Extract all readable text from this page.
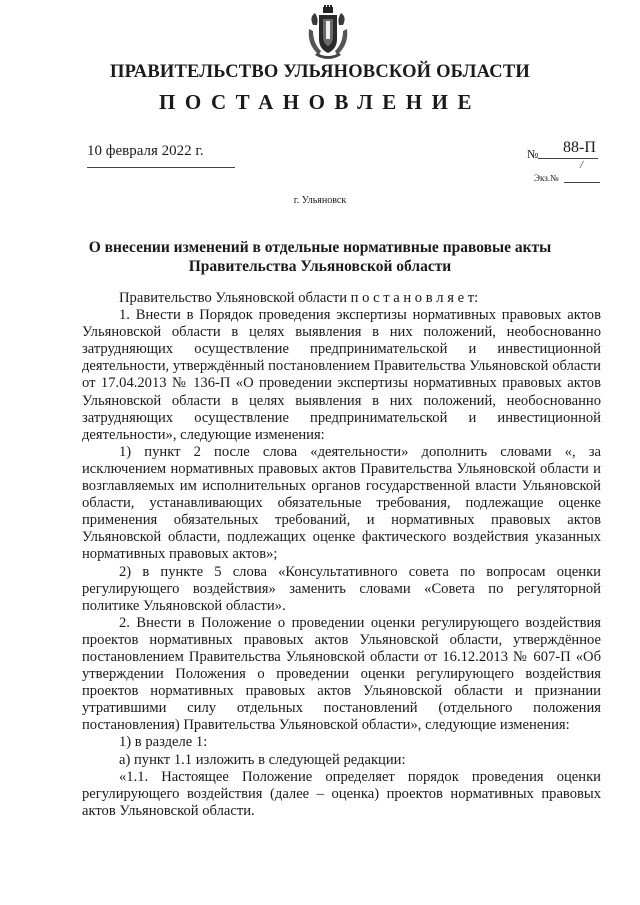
ПРАВИТЕЛЬСТВО УЛЬЯНОВСКОЙ ОБЛАСТИ
ПОСТАНОВЛЕНИЕ
10 февраля 2022 г.	№ 88-П
/
Экз.№
г. Ульяновск
О внесении изменений в отдельные нормативные правовые акты
Правительства Ульяновской области

Правительство Ульяновской области п о с т а н о в л я е т:

1. Внести в Порядок проведения экспертизы нормативных правовых актов Ульяновской области в целях выявления в них положений, необоснованно затрудняющих осуществление предпринимательской и инвестиционной деятельности, утверждённый постановлением Правительства Ульяновской области от 17.04.2013 № 136-П «О проведении экспертизы нормативных правовых актов Ульяновской области в целях выявления в них положений, необоснованно затрудняющих осуществление предпринимательской и инвестиционной деятельности», следующие изменения:

1) пункт 2 после слова «деятельности» дополнить словами «, за исключением нормативных правовых актов Правительства Ульяновской области и возглавляемых им исполнительных органов государственной власти Ульяновской области, устанавливающих обязательные требования, подлежащие оценке применения обязательных требований, и нормативных правовых актов Ульяновской области, подлежащих оценке фактического воздействия указанных нормативных правовых актов»;

2) в пункте 5 слова «Консультативного совета по вопросам оценки регулирующего воздействия» заменить словами «Совета по регуляторной политике Ульяновской области».

2. Внести в Положение о проведении оценки регулирующего воздействия проектов нормативных правовых актов Ульяновской области, утверждённое постановлением Правительства Ульяновской области от 16.12.2013 № 607-П «Об утверждении Положения о проведении оценки регулирующего воздействия проектов нормативных правовых актов Ульяновской области и признании утратившими силу отдельных постановлений (отдельного положения постановления) Правительства Ульяновской области», следующие изменения:

1) в разделе 1:

а) пункт 1.1 изложить в следующей редакции:

«1.1. Настоящее Положение определяет порядок проведения оценки регулирующего воздействия (далее – оценка) проектов нормативных правовых актов Ульяновской области.
